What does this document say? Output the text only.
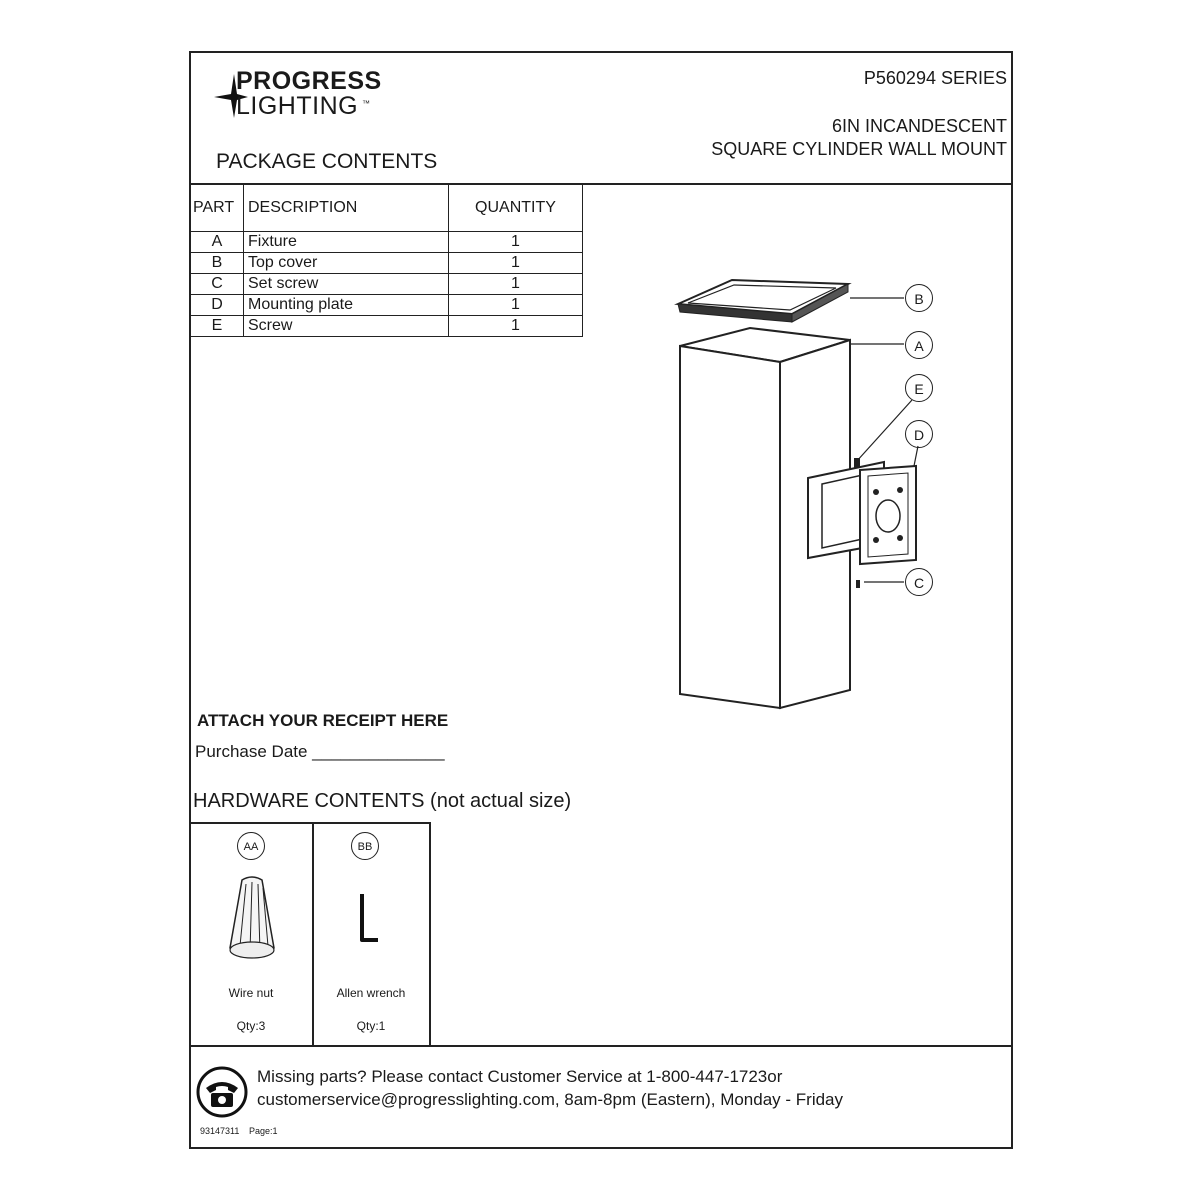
PROGRESS
LIGHTING ™
PACKAGE CONTENTS
P560294 SERIES
6IN INCANDESCENT
SQUARE CYLINDER WALL MOUNT
PART	DESCRIPTION	QUANTITY
A	Fixture	1
B	Top cover	1
C	Set screw	1
D	Mounting plate	1
E	Screw	1
B
A
E
D
C
ATTACH YOUR RECEIPT HERE
Purchase Date ______________
HARDWARE CONTENTS (not actual size)
AA
Wire nut
Qty:3
BB
Allen wrench
Qty:1
Missing parts? Please contact Customer Service at 1-800-447-1723or
customerservice@progresslighting.com, 8am-8pm (Eastern), Monday - Friday
93147311 Page:1
